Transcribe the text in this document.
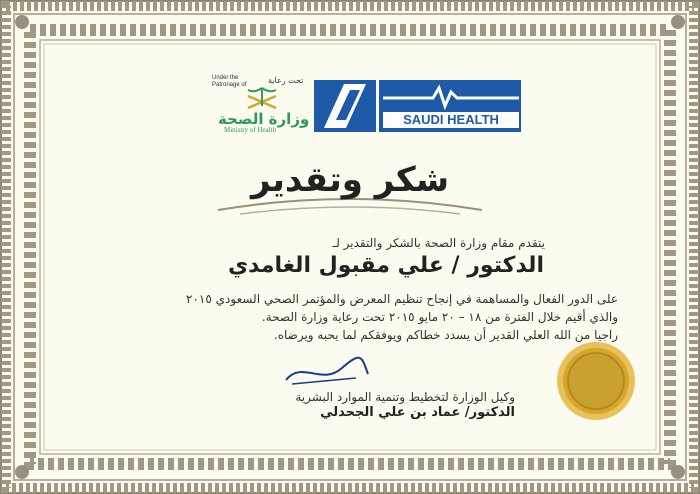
تحت رعاية
Under the
Patronage of
وزارة الصحة
Ministry of Health
SAUDI HEALTH
شكر وتقدير
يتقدم مقام وزارة الصحة بالشكر والتقدير لـ
الدكتور / علي مقبول الغامدي
على الدور الفعال والمساهمة في إنجاح تنظيم المعرض والمؤتمر الصحي السعودي ٢٠١٥
والذي أقيم خلال الفترة من ١٨ – ٢٠ مايو ٢٠١٥ تحت رعاية وزارة الصحة.
راجيا من الله العلي القدير أن يسدد خطاكم ويوفقكم لما يحبه ويرضاه.
وكيل الوزارة لتخطيط وتنمية الموارد البشرية
الدكتور/ عماد بن علي الجحدلي
